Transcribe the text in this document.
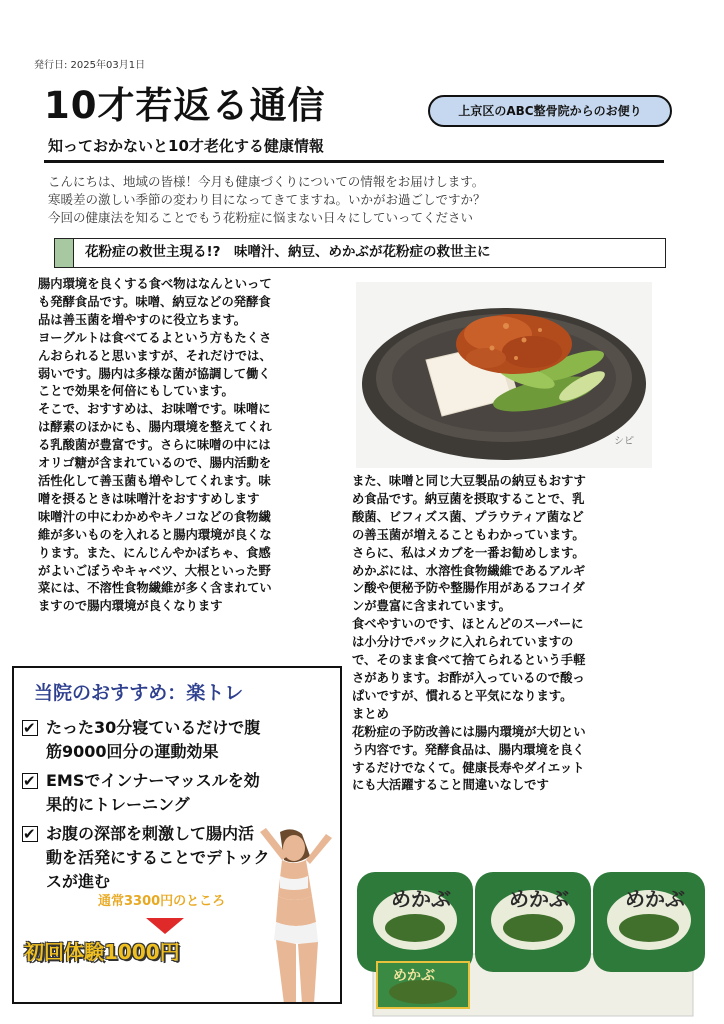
発行日: 2025年03月1日
10才若返る通信	上京区のABC整骨院からのお便り
知っておかないと10才老化する健康情報
こんにちは、地域の皆様！今月も健康づくりについての情報をお届けします。
寒暖差の激しい季節の変わり目になってきてますね。いかがお過ごしですか？
今回の健康法を知ることでもう花粉症に悩まない日々にしていってください
花粉症の救世主現る!?　味噌汁、納豆、めかぶが花粉症の救世主に
腸内環境を良くする食べ物はなんといって
も発酵食品です。味噌、納豆などの発酵食
品は善玉菌を増やすのに役立ちます。
ヨーグルトは食べてるよという方もたくさ
んおられると思いますが、それだけでは、
弱いです。腸内は多様な菌が協調して働く
ことで効果を何倍にもしています。
そこで、おすすめは、お味噌です。味噌に
は酵素のほかにも、腸内環境を整えてくれ
る乳酸菌が豊富です。さらに味噌の中には
オリゴ糖が含まれているので、腸内活動を
活性化して善玉菌も増やしてくれます。味
噌を摂るときは味噌汁をおすすめします
味噌汁の中にわかめやキノコなどの食物繊
維が多いものを入れると腸内環境が良くな
ります。また、にんじんやかぼちゃ、食感
がよいごぼうやキャベツ、大根といった野
菜には、不溶性食物繊維が多く含まれてい
ますので腸内環境が良くなります
シピ
また、味噌と同じ大豆製品の納豆もおすす
め食品です。納豆菌を摂取することで、乳
酸菌、ビフィズス菌、プラウティア菌など
の善玉菌が増えることもわかっています。
さらに、私はメカブを一番お勧めします。
めかぶには、水溶性食物繊維であるアルギ
ン酸や便秘予防や整腸作用があるフコイダ
ンが豊富に含まれています。
食べやすいのです、ほとんどのスーパーに
は小分けでパックに入れられていますの
で、そのまま食べて捨てられるという手軽
さがあります。お酢が入っているので酸っ
ぱいですが、慣れると平気になります。
まとめ
花粉症の予防改善には腸内環境が大切とい
う内容です。発酵食品は、腸内環境を良く
するだけでなくて。健康長寿やダイエット
にも大活躍すること間違いなしです
めかぶ	めかぶ	めかぶ
めかぶ
当院のおすすめ：楽トレ
✔
たった30分寝ているだけで腹
筋9000回分の運動効果
✔
EMSでインナーマッスルを効
果的にトレーニング
✔
お腹の深部を刺激して腸内活
動を活発にすることでデトック
スが進む
通常3300円のところ
初回体験1000円
